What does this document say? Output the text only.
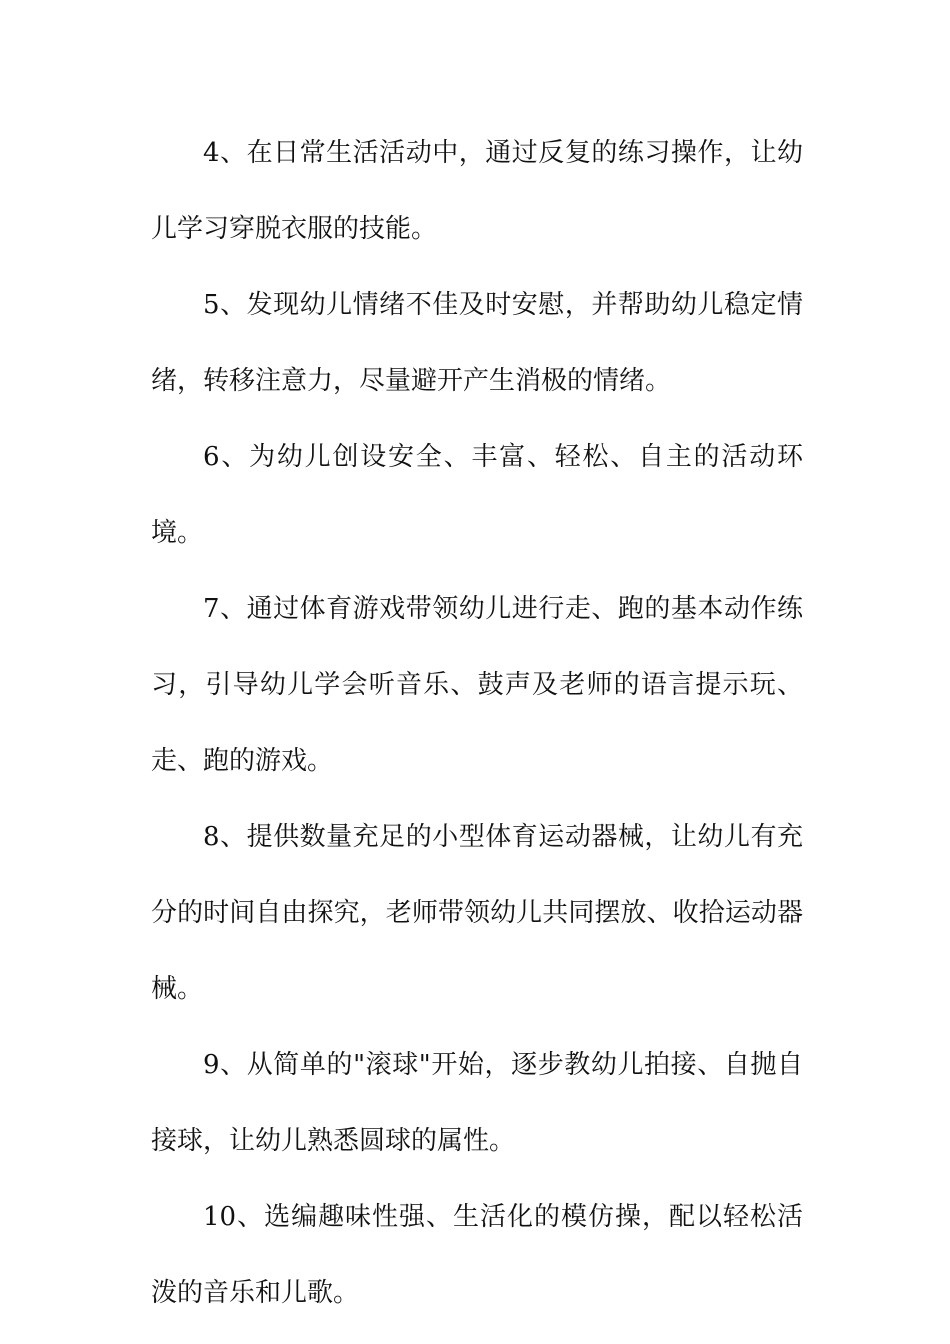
4、在日常生活活动中，通过反复的练习操作，让幼儿学习穿脱衣服的技能。

5、发现幼儿情绪不佳及时安慰，并帮助幼儿稳定情绪，转移注意力，尽量避开产生消极的情绪。

6、为幼儿创设安全、丰富、轻松、自主的活动环境。

7、通过体育游戏带领幼儿进行走、跑的基本动作练习，引导幼儿学会听音乐、鼓声及老师的语言提示玩、走、跑的游戏。

8、提供数量充足的小型体育运动器械，让幼儿有充分的时间自由探究，老师带领幼儿共同摆放、收拾运动器械。

9、从简单的"滚球"开始，逐步教幼儿拍接、自抛自接球，让幼儿熟悉圆球的属性。

10、选编趣味性强、生活化的模仿操，配以轻松活泼的音乐和儿歌。
